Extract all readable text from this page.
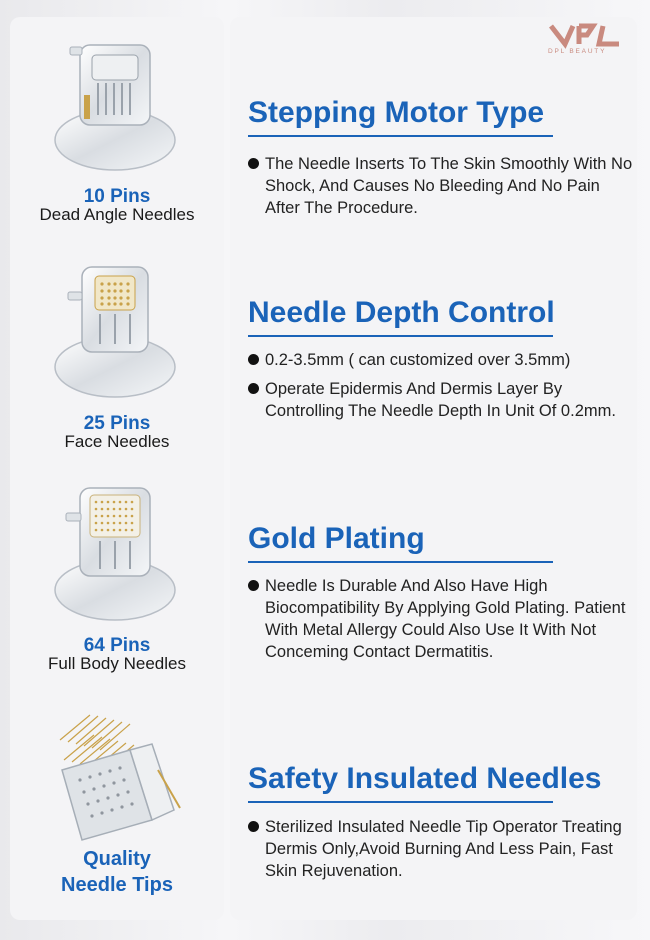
DPL BEAUTY
10 Pins
Dead Angle Needles
25 Pins
Face Needles
64 Pins
Full Body Needles
Quality
Needle Tips
Stepping Motor Type
The Needle Inserts To The Skin Smoothly With No Shock, And Causes No Bleeding And No Pain After The Procedure.
Needle Depth Control
0.2-3.5mm ( can customized over 3.5mm)
Operate Epidermis And Dermis Layer By Controlling The Needle Depth In Unit Of 0.2mm.
Gold Plating
Needle Is Durable And Also Have High Biocompatibility By Applying Gold Plating. Patient With Metal Allergy Could Also Use It With Not Conceming Contact Dermatitis.
Safety Insulated Needles
Sterilized Insulated Needle Tip Operator Treating Dermis Only,Avoid Burning And Less Pain, Fast Skin Rejuvenation.
